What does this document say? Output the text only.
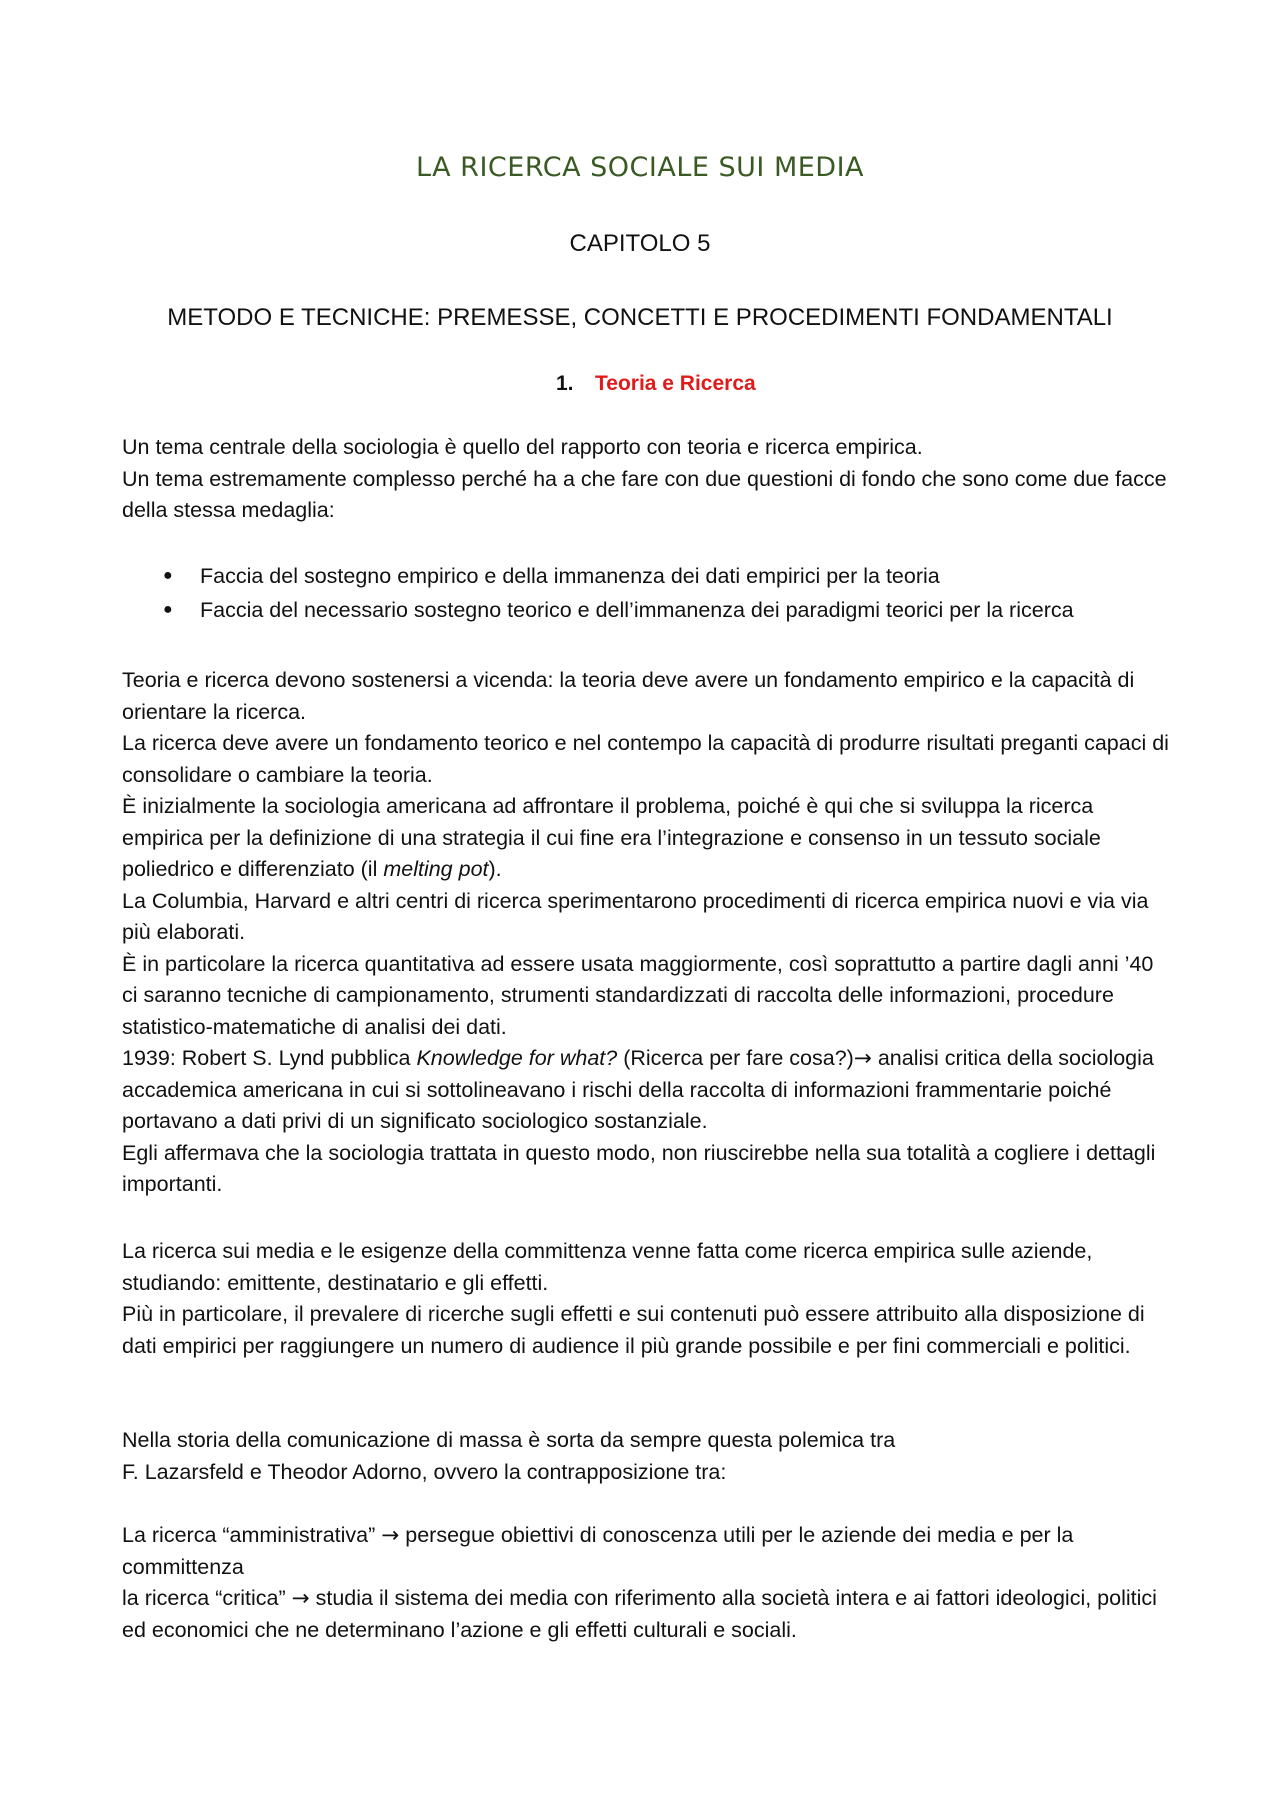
LA RICERCA SOCIALE SUI MEDIA
CAPITOLO 5
METODO E TECNICHE: PREMESSE, CONCETTI E PROCEDIMENTI FONDAMENTALI
1. Teoria e Ricerca

Un tema centrale della sociologia è quello del rapporto con teoria e ricerca empirica.

Un tema estremamente complesso perché ha a che fare con due questioni di fondo che sono come due facce della stessa medaglia:

● Faccia del sostegno empirico e della immanenza dei dati empirici per la teoria
● Faccia del necessario sostegno teorico e dell’immanenza dei paradigmi teorici per la ricerca

Teoria e ricerca devono sostenersi a vicenda: la teoria deve avere un fondamento empirico e la capacità di orientare la ricerca.

La ricerca deve avere un fondamento teorico e nel contempo la capacità di produrre risultati preganti capaci di consolidare o cambiare la teoria.

È inizialmente la sociologia americana ad affrontare il problema, poiché è qui che si sviluppa la ricerca empirica per la definizione di una strategia il cui fine era l’integrazione e consenso in un tessuto sociale poliedrico e differenziato (il melting pot).

La Columbia, Harvard e altri centri di ricerca sperimentarono procedimenti di ricerca empirica nuovi e via via più elaborati.

È in particolare la ricerca quantitativa ad essere usata maggiormente, così soprattutto a partire dagli anni ’40 ci saranno tecniche di campionamento, strumenti standardizzati di raccolta delle informazioni, procedure statistico-matematiche di analisi dei dati.

1939: Robert S. Lynd pubblica Knowledge for what? (Ricerca per fare cosa?)→ analisi critica della sociologia accademica americana in cui si sottolineavano i rischi della raccolta di informazioni frammentarie poiché portavano a dati privi di un significato sociologico sostanziale.

Egli affermava che la sociologia trattata in questo modo, non riuscirebbe nella sua totalità a cogliere i dettagli importanti.

La ricerca sui media e le esigenze della committenza venne fatta come ricerca empirica sulle aziende, studiando: emittente, destinatario e gli effetti.

Più in particolare, il prevalere di ricerche sugli effetti e sui contenuti può essere attribuito alla disposizione di dati empirici per raggiungere un numero di audience il più grande possibile e per fini commerciali e politici.

Nella storia della comunicazione di massa è sorta da sempre questa polemica tra

F. Lazarsfeld e Theodor Adorno, ovvero la contrapposizione tra:

La ricerca “amministrativa” → persegue obiettivi di conoscenza utili per le aziende dei media e per la committenza

la ricerca “critica” → studia il sistema dei media con riferimento alla società intera e ai fattori ideologici, politici ed economici che ne determinano l’azione e gli effetti culturali e sociali.
